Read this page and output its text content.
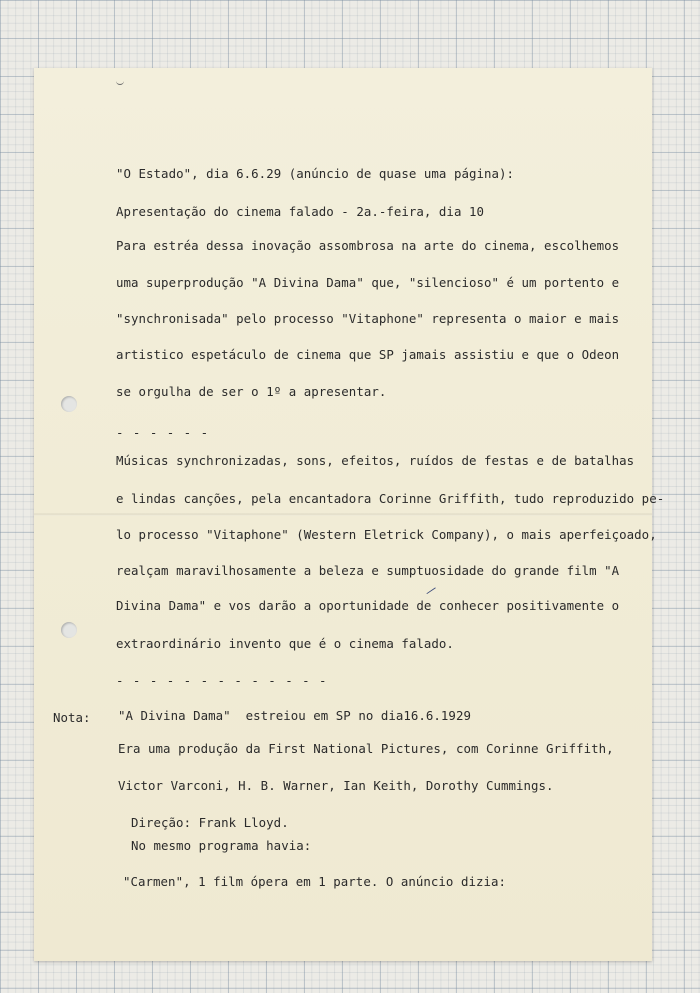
"O Estado", dia 6.6.29 (anúncio de quase uma página):
Apresentação do cinema falado - 2a.-feira, dia 10
Para estréa dessa inovação assombrosa na arte do cinema, escolhemos
uma superprodução "A Divina Dama" que, "silencioso" é um portento e
"synchronisada" pelo processo "Vitaphone" representa o maior e mais
artistico espetáculo de cinema que SP jamais assistiu e que o Odeon
se orgulha de ser o 1º a apresentar.
- - - - - -
Músicas synchronizadas, sons, efeitos, ruídos de festas e de batalhas
e lindas canções, pela encantadora Corinne Griffith, tudo reproduzido pe-
lo processo "Vitaphone" (Western Eletrick Company), o mais aperfeiçoado,
⁄
realçam maravilhosamente a beleza e sumptuosidade do grande film "A
Divina Dama" e vos darão a oportunidade de conhecer positivamente o
extraordinário invento que é o cinema falado.
- - - - - - - - - - - - -
Nota: "A Divina Dama"  estreiou em SP no dia16.6.1929
Era uma produção da First National Pictures, com Corinne Griffith,
Victor Varconi, H. B. Warner, Ian Keith, Dorothy Cummings.
Direção: Frank Lloyd.
No mesmo programa havia:
"Carmen", 1 film ópera em 1 parte. O anúncio dizia:
